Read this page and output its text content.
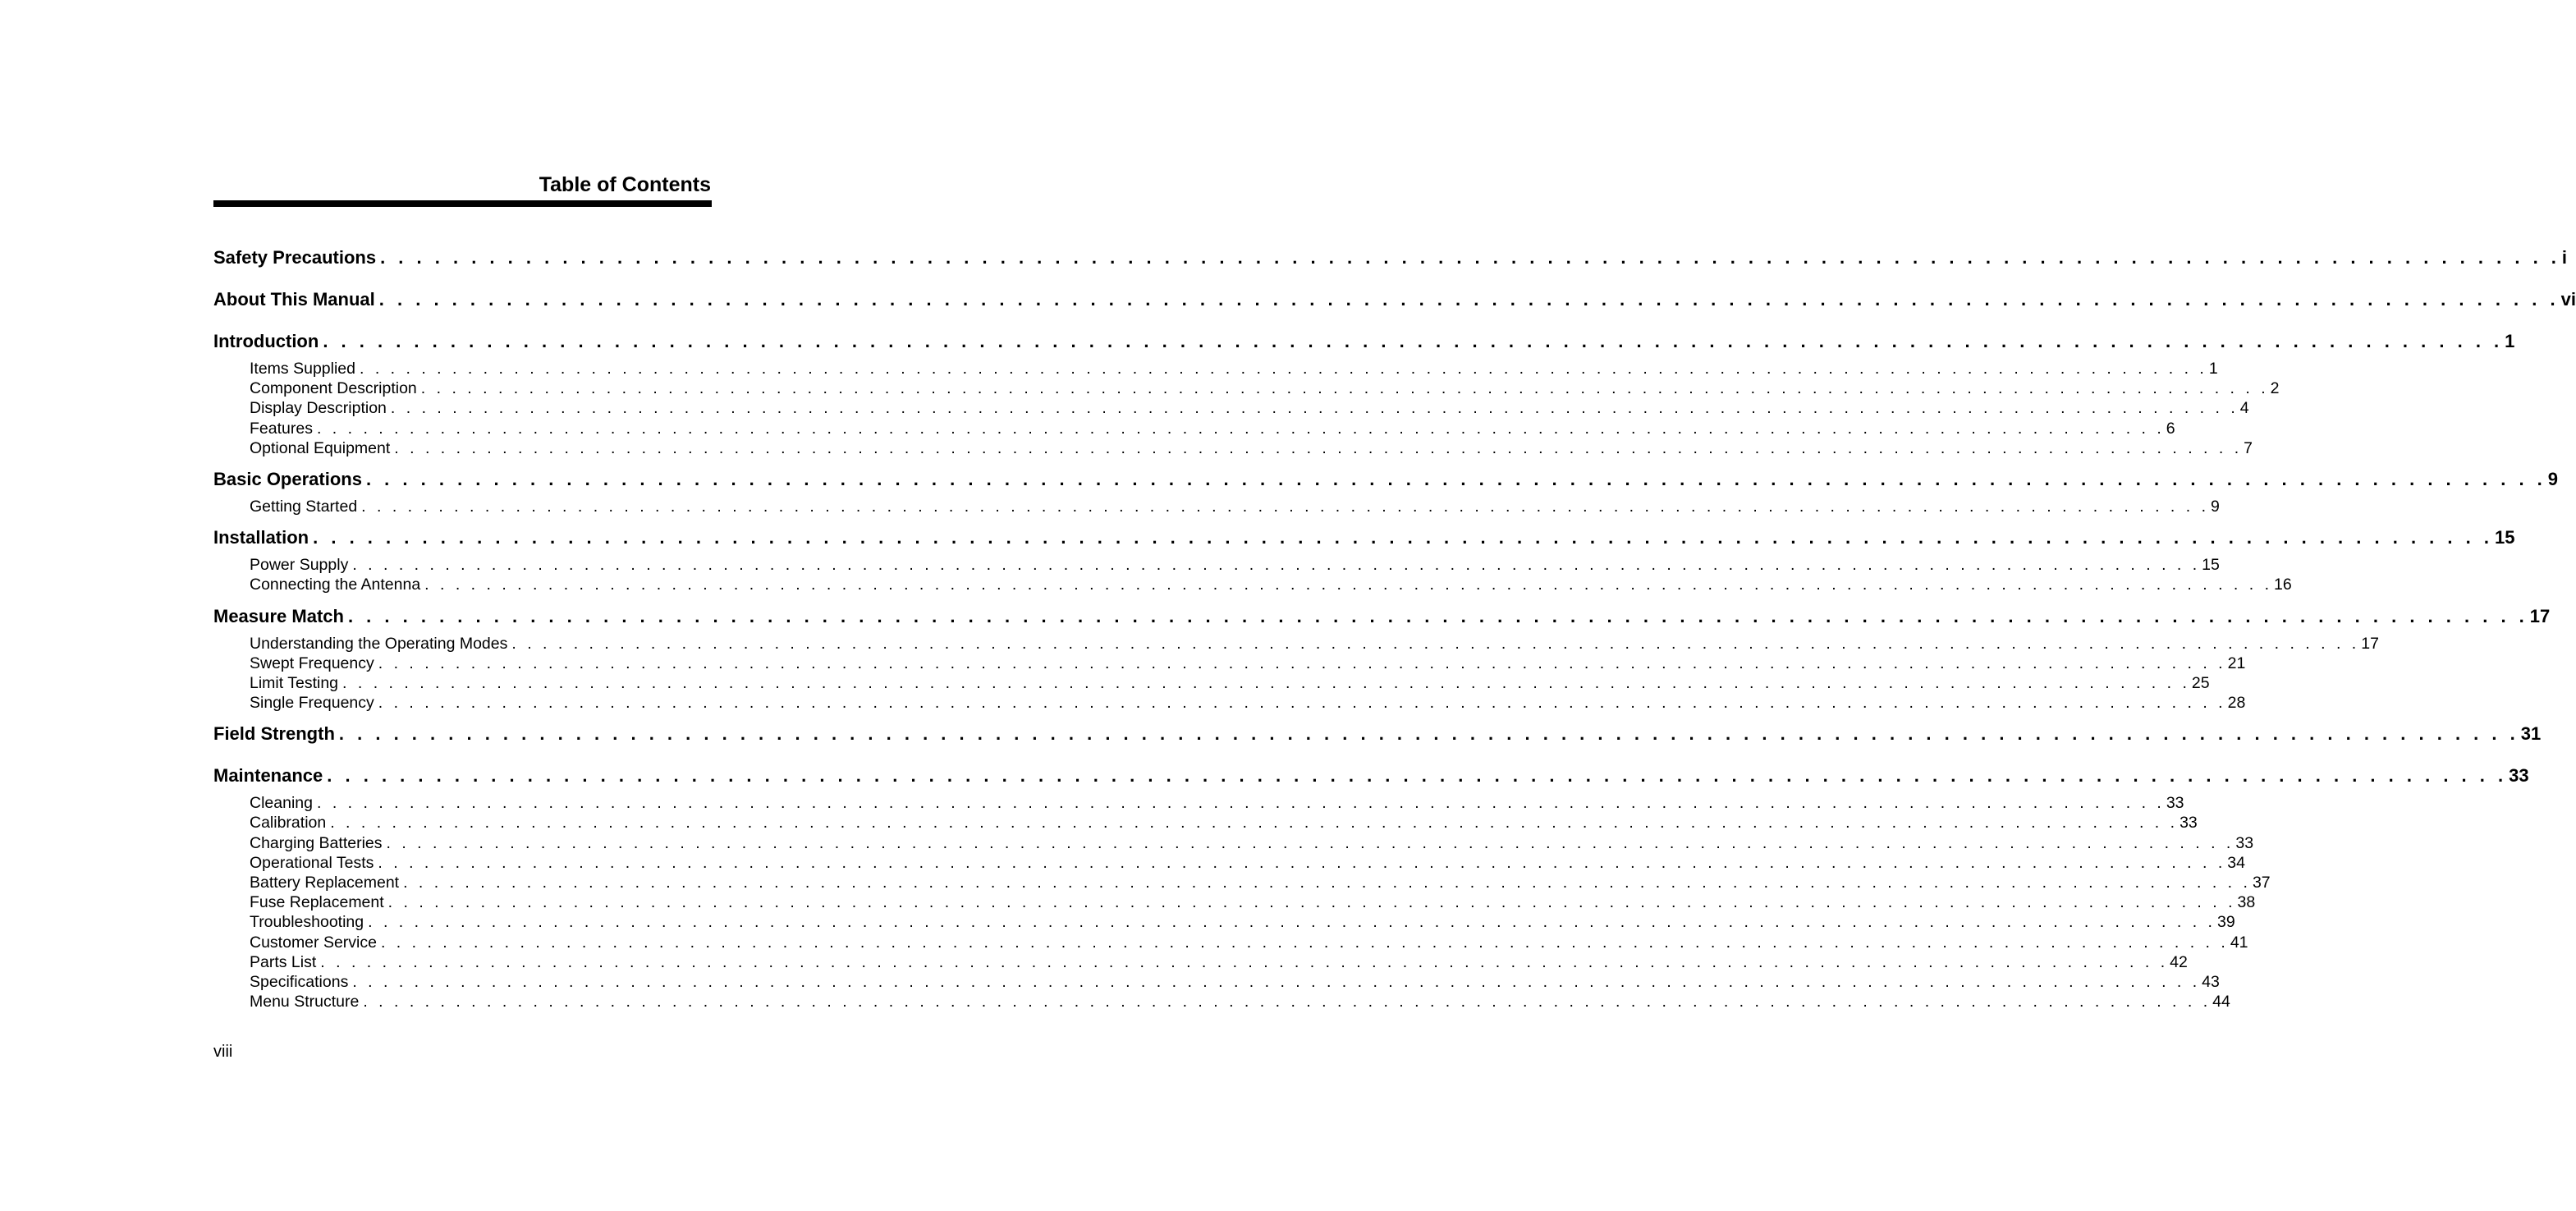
Table of Contents
Safety Precautions . . . . . . . . . . . . . . . . . . . . . . . . . . . . . . . . . . . . . . . . . . . . . . . . . . . . . . . . . . . . . . . . . . . . . . . . . . . . . . . . . . . . . . . . . . . . . . . . . . . . . . . . . . . . . . . . . . . . . . . . i
About This Manual . . . . . . . . . . . . . . . . . . . . . . . . . . . . . . . . . . . . . . . . . . . . . . . . . . . . . . . . . . . . . . . . . . . . . . . . . . . . . . . . . . . . . . . . . . . . . . . . . . . . . . . . . . . . . . . . . . . . . . . . vi
Introduction . . . . . . . . . . . . . . . . . . . . . . . . . . . . . . . . . . . . . . . . . . . . . . . . . . . . . . . . . . . . . . . . . . . . . . . . . . . . . . . . . . . . . . . . . . . . . . . . . . . . . . . . . . . . . . . . . . . . . . . . 1
Items Supplied . . . . . . . . . . . . . . . . . . . . . . . . . . . . . . . . . . . . . . . . . . . . . . . . . . . . . . . . . . . . . . . . . . . . . . . . . . . . . . . . . . . . . . . . . . . . . . . . . . . . . . . . . . . . . . . . . . . . . . . . 1
Component Description . . . . . . . . . . . . . . . . . . . . . . . . . . . . . . . . . . . . . . . . . . . . . . . . . . . . . . . . . . . . . . . . . . . . . . . . . . . . . . . . . . . . . . . . . . . . . . . . . . . . . . . . . . . . . . . . . . . . . . . . 2
Display Description . . . . . . . . . . . . . . . . . . . . . . . . . . . . . . . . . . . . . . . . . . . . . . . . . . . . . . . . . . . . . . . . . . . . . . . . . . . . . . . . . . . . . . . . . . . . . . . . . . . . . . . . . . . . . . . . . . . . . . . . 4
Features . . . . . . . . . . . . . . . . . . . . . . . . . . . . . . . . . . . . . . . . . . . . . . . . . . . . . . . . . . . . . . . . . . . . . . . . . . . . . . . . . . . . . . . . . . . . . . . . . . . . . . . . . . . . . . . . . . . . . . . . 6
Optional Equipment . . . . . . . . . . . . . . . . . . . . . . . . . . . . . . . . . . . . . . . . . . . . . . . . . . . . . . . . . . . . . . . . . . . . . . . . . . . . . . . . . . . . . . . . . . . . . . . . . . . . . . . . . . . . . . . . . . . . . . . . 7
Basic Operations . . . . . . . . . . . . . . . . . . . . . . . . . . . . . . . . . . . . . . . . . . . . . . . . . . . . . . . . . . . . . . . . . . . . . . . . . . . . . . . . . . . . . . . . . . . . . . . . . . . . . . . . . . . . . . . . . . . . . . . . 9
Getting Started . . . . . . . . . . . . . . . . . . . . . . . . . . . . . . . . . . . . . . . . . . . . . . . . . . . . . . . . . . . . . . . . . . . . . . . . . . . . . . . . . . . . . . . . . . . . . . . . . . . . . . . . . . . . . . . . . . . . . . . . 9
Installation . . . . . . . . . . . . . . . . . . . . . . . . . . . . . . . . . . . . . . . . . . . . . . . . . . . . . . . . . . . . . . . . . . . . . . . . . . . . . . . . . . . . . . . . . . . . . . . . . . . . . . . . . . . . . . . . . . . . . . . . 15
Power Supply . . . . . . . . . . . . . . . . . . . . . . . . . . . . . . . . . . . . . . . . . . . . . . . . . . . . . . . . . . . . . . . . . . . . . . . . . . . . . . . . . . . . . . . . . . . . . . . . . . . . . . . . . . . . . . . . . . . . . . . . 15
Connecting the Antenna . . . . . . . . . . . . . . . . . . . . . . . . . . . . . . . . . . . . . . . . . . . . . . . . . . . . . . . . . . . . . . . . . . . . . . . . . . . . . . . . . . . . . . . . . . . . . . . . . . . . . . . . . . . . . . . . . . . . . . . . 16
Measure Match . . . . . . . . . . . . . . . . . . . . . . . . . . . . . . . . . . . . . . . . . . . . . . . . . . . . . . . . . . . . . . . . . . . . . . . . . . . . . . . . . . . . . . . . . . . . . . . . . . . . . . . . . . . . . . . . . . . . . . . . 17
Understanding the Operating Modes . . . . . . . . . . . . . . . . . . . . . . . . . . . . . . . . . . . . . . . . . . . . . . . . . . . . . . . . . . . . . . . . . . . . . . . . . . . . . . . . . . . . . . . . . . . . . . . . . . . . . . . . . . . . . . . . . . . . . . . . 17
Swept Frequency . . . . . . . . . . . . . . . . . . . . . . . . . . . . . . . . . . . . . . . . . . . . . . . . . . . . . . . . . . . . . . . . . . . . . . . . . . . . . . . . . . . . . . . . . . . . . . . . . . . . . . . . . . . . . . . . . . . . . . . . 21
Limit Testing . . . . . . . . . . . . . . . . . . . . . . . . . . . . . . . . . . . . . . . . . . . . . . . . . . . . . . . . . . . . . . . . . . . . . . . . . . . . . . . . . . . . . . . . . . . . . . . . . . . . . . . . . . . . . . . . . . . . . . . . 25
Single Frequency . . . . . . . . . . . . . . . . . . . . . . . . . . . . . . . . . . . . . . . . . . . . . . . . . . . . . . . . . . . . . . . . . . . . . . . . . . . . . . . . . . . . . . . . . . . . . . . . . . . . . . . . . . . . . . . . . . . . . . . . 28
Field Strength . . . . . . . . . . . . . . . . . . . . . . . . . . . . . . . . . . . . . . . . . . . . . . . . . . . . . . . . . . . . . . . . . . . . . . . . . . . . . . . . . . . . . . . . . . . . . . . . . . . . . . . . . . . . . . . . . . . . . . . . 31
Maintenance . . . . . . . . . . . . . . . . . . . . . . . . . . . . . . . . . . . . . . . . . . . . . . . . . . . . . . . . . . . . . . . . . . . . . . . . . . . . . . . . . . . . . . . . . . . . . . . . . . . . . . . . . . . . . . . . . . . . . . . . 33
Cleaning . . . . . . . . . . . . . . . . . . . . . . . . . . . . . . . . . . . . . . . . . . . . . . . . . . . . . . . . . . . . . . . . . . . . . . . . . . . . . . . . . . . . . . . . . . . . . . . . . . . . . . . . . . . . . . . . . . . . . . . . 33
Calibration . . . . . . . . . . . . . . . . . . . . . . . . . . . . . . . . . . . . . . . . . . . . . . . . . . . . . . . . . . . . . . . . . . . . . . . . . . . . . . . . . . . . . . . . . . . . . . . . . . . . . . . . . . . . . . . . . . . . . . . . 33
Charging Batteries . . . . . . . . . . . . . . . . . . . . . . . . . . . . . . . . . . . . . . . . . . . . . . . . . . . . . . . . . . . . . . . . . . . . . . . . . . . . . . . . . . . . . . . . . . . . . . . . . . . . . . . . . . . . . . . . . . . . . . . . 33
Operational Tests . . . . . . . . . . . . . . . . . . . . . . . . . . . . . . . . . . . . . . . . . . . . . . . . . . . . . . . . . . . . . . . . . . . . . . . . . . . . . . . . . . . . . . . . . . . . . . . . . . . . . . . . . . . . . . . . . . . . . . . . 34
Battery Replacement . . . . . . . . . . . . . . . . . . . . . . . . . . . . . . . . . . . . . . . . . . . . . . . . . . . . . . . . . . . . . . . . . . . . . . . . . . . . . . . . . . . . . . . . . . . . . . . . . . . . . . . . . . . . . . . . . . . . . . . . 37
Fuse Replacement . . . . . . . . . . . . . . . . . . . . . . . . . . . . . . . . . . . . . . . . . . . . . . . . . . . . . . . . . . . . . . . . . . . . . . . . . . . . . . . . . . . . . . . . . . . . . . . . . . . . . . . . . . . . . . . . . . . . . . . . 38
Troubleshooting . . . . . . . . . . . . . . . . . . . . . . . . . . . . . . . . . . . . . . . . . . . . . . . . . . . . . . . . . . . . . . . . . . . . . . . . . . . . . . . . . . . . . . . . . . . . . . . . . . . . . . . . . . . . . . . . . . . . . . . . 39
Customer Service . . . . . . . . . . . . . . . . . . . . . . . . . . . . . . . . . . . . . . . . . . . . . . . . . . . . . . . . . . . . . . . . . . . . . . . . . . . . . . . . . . . . . . . . . . . . . . . . . . . . . . . . . . . . . . . . . . . . . . . . 41
Parts List . . . . . . . . . . . . . . . . . . . . . . . . . . . . . . . . . . . . . . . . . . . . . . . . . . . . . . . . . . . . . . . . . . . . . . . . . . . . . . . . . . . . . . . . . . . . . . . . . . . . . . . . . . . . . . . . . . . . . . . . 42
Specifications . . . . . . . . . . . . . . . . . . . . . . . . . . . . . . . . . . . . . . . . . . . . . . . . . . . . . . . . . . . . . . . . . . . . . . . . . . . . . . . . . . . . . . . . . . . . . . . . . . . . . . . . . . . . . . . . . . . . . . . . 43
Menu Structure . . . . . . . . . . . . . . . . . . . . . . . . . . . . . . . . . . . . . . . . . . . . . . . . . . . . . . . . . . . . . . . . . . . . . . . . . . . . . . . . . . . . . . . . . . . . . . . . . . . . . . . . . . . . . . . . . . . . . . . . 44
viii
